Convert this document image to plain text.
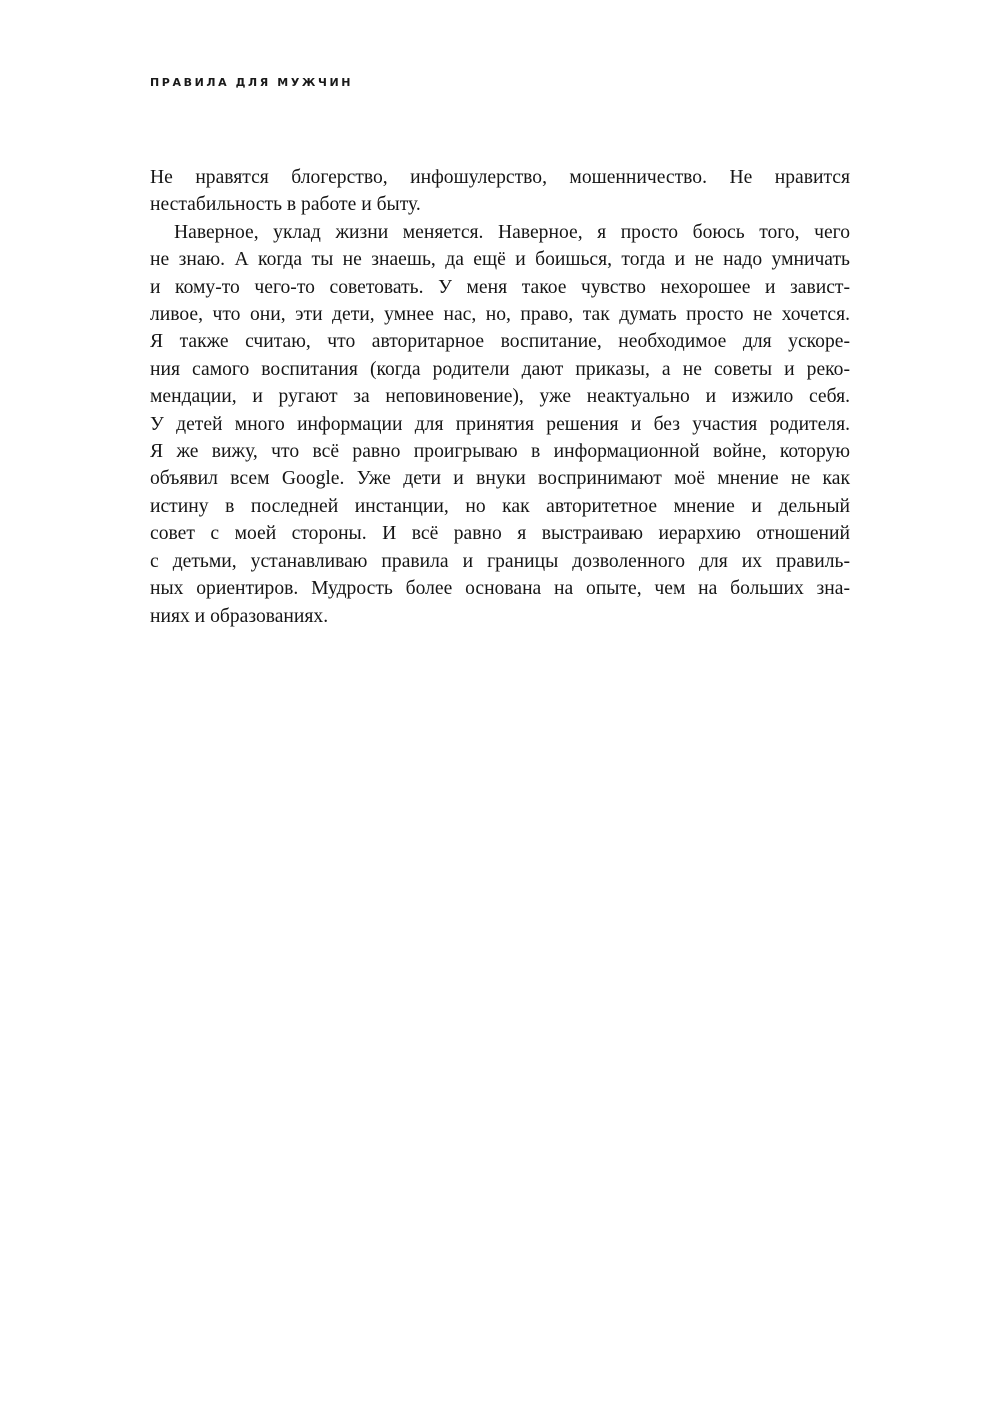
ПРАВИЛА ДЛЯ МУЖЧИН

Не нравятся блогерство, инфошулерство, мошенничество. Не нравится
нестабильность в работе и быту.

Наверное, уклад жизни меняется. Наверное, я просто боюсь того, чего
не знаю. А когда ты не знаешь, да ещё и боишься, тогда и не надо умничать
и кому-то чего-то советовать. У меня такое чувство нехорошее и завист-
ливое, что они, эти дети, умнее нас, но, право, так думать просто не хочется.
Я также считаю, что авторитарное воспитание, необходимое для ускоре-
ния самого воспитания (когда родители дают приказы, а не советы и реко-
мендации, и ругают за неповиновение), уже неактуально и изжило себя.
У детей много информации для принятия решения и без участия родителя.
Я же вижу, что всё равно проигрываю в информационной войне, которую
объявил всем Google. Уже дети и внуки воспринимают моё мнение не как
истину в последней инстанции, но как авторитетное мнение и дельный
совет с моей стороны. И всё равно я выстраиваю иерархию отношений
с детьми, устанавливаю правила и границы дозволенного для их правиль-
ных ориентиров. Мудрость более основана на опыте, чем на больших зна-
ниях и образованиях.
